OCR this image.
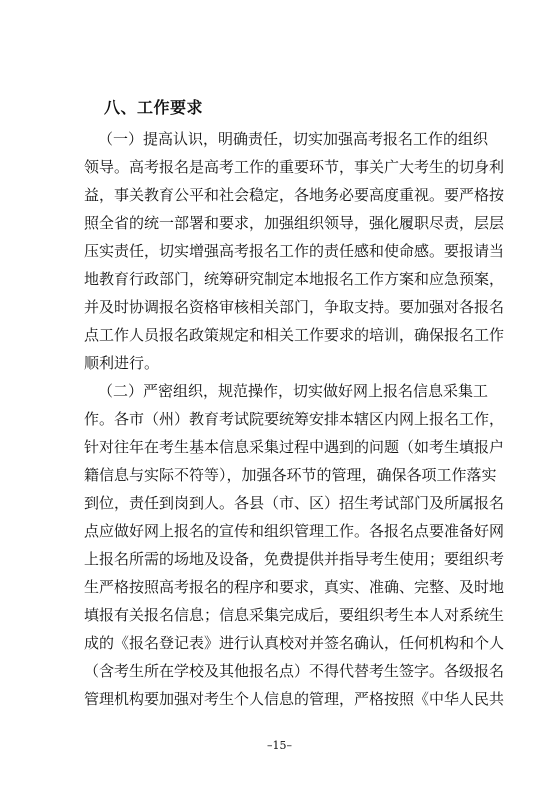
八、工作要求
（一）提高认识，明确责任，切实加强高考报名工作的组织
领导。高考报名是高考工作的重要环节，事关广大考生的切身利
益，事关教育公平和社会稳定，各地务必要高度重视。要严格按
照全省的统一部署和要求，加强组织领导，强化履职尽责，层层
压实责任，切实增强高考报名工作的责任感和使命感。要报请当
地教育行政部门，统筹研究制定本地报名工作方案和应急预案，
并及时协调报名资格审核相关部门，争取支持。要加强对各报名
点工作人员报名政策规定和相关工作要求的培训，确保报名工作
顺利进行。
（二）严密组织，规范操作，切实做好网上报名信息采集工
作。各市（州）教育考试院要统筹安排本辖区内网上报名工作，
针对往年在考生基本信息采集过程中遇到的问题（如考生填报户
籍信息与实际不符等），加强各环节的管理，确保各项工作落实
到位，责任到岗到人。各县（市、区）招生考试部门及所属报名
点应做好网上报名的宣传和组织管理工作。各报名点要准备好网
上报名所需的场地及设备，免费提供并指导考生使用；要组织考
生严格按照高考报名的程序和要求，真实、准确、完整、及时地
填报有关报名信息；信息采集完成后，要组织考生本人对系统生
成的《报名登记表》进行认真校对并签名确认，任何机构和个人
（含考生所在学校及其他报名点）不得代替考生签字。各级报名
管理机构要加强对考生个人信息的管理，严格按照《中华人民共
–15–
